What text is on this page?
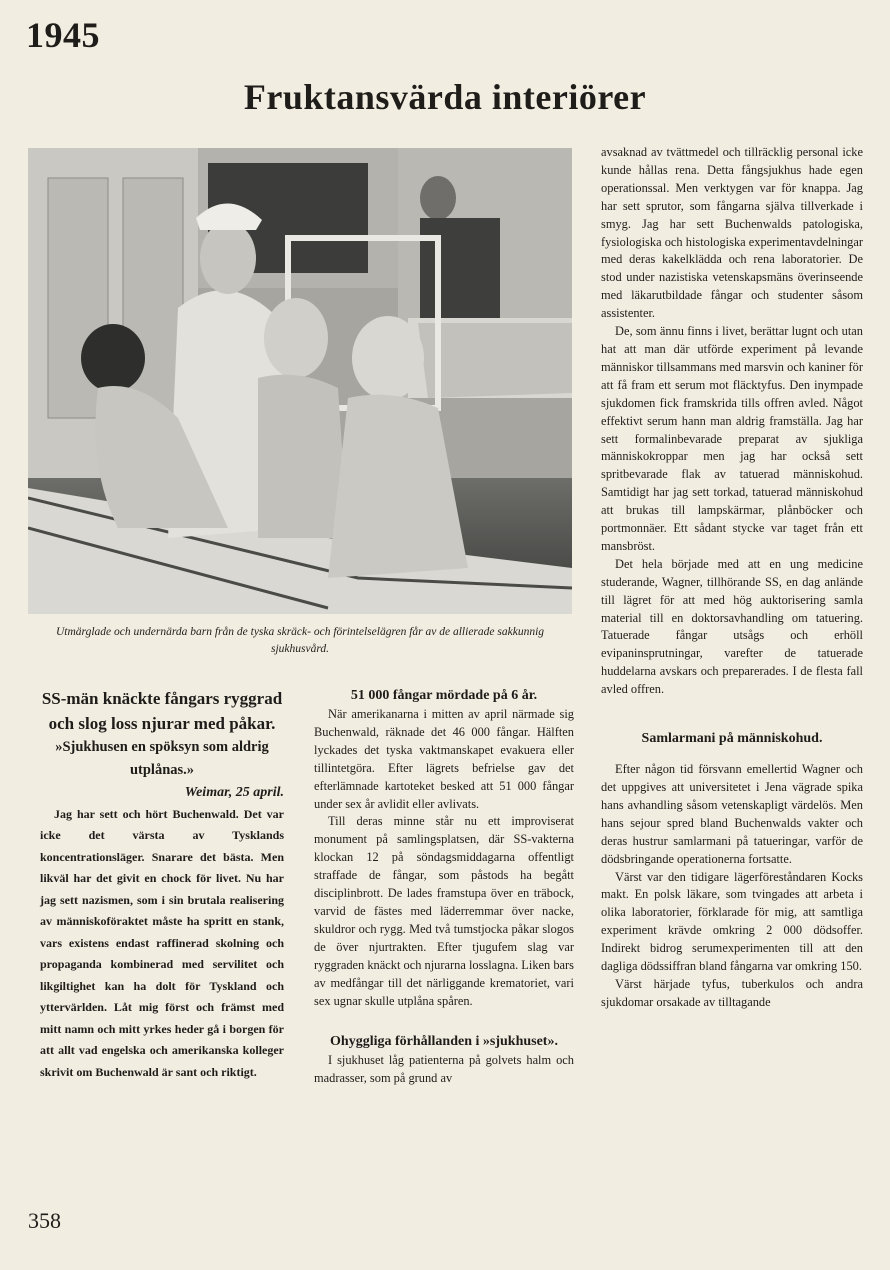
1945
Fruktansvärda interiörer
Utmärglade och undernärda barn från de tyska skräck- och förintelselägren får av de allierade sakkunnig sjukhusvård.

SS-män knäckte fångars ryggrad och slog loss njurar med påkar.

»Sjukhusen en spöksyn som aldrig utplånas.»

Weimar, 25 april.

Jag har sett och hört Buchenwald. Det var icke det värsta av Tysklands koncentrationsläger. Snarare det bästa. Men likväl har det givit en chock för livet. Nu har jag sett nazismen, som i sin brutala realisering av människoföraktet måste ha spritt en stank, vars existens endast raffinerad skolning och propaganda kombinerad med servilitet och likgiltighet kan ha dolt för Tyskland och yttervärlden. Låt mig först och främst med mitt namn och mitt yrkes heder gå i borgen för att allt vad engelska och amerikanska kolleger skrivit om Buchenwald är sant och riktigt.

51 000 fångar mördade på 6 år.

När amerikanarna i mitten av april närmade sig Buchenwald, räknade det 46 000 fångar. Hälften lyckades det tyska vaktmanskapet evakuera eller tillintetgöra. Efter lägrets befrielse gav det efterlämnade kartoteket besked att 51 000 fångar under sex år avlidit eller avlivats.

Till deras minne står nu ett improviserat monument på samlingsplatsen, där SS-vakterna klockan 12 på söndagsmiddagarna offentligt straffade de fångar, som påstods ha begått disciplinbrott. De lades framstupa över en träbock, varvid de fästes med läderremmar över nacke, skuldror och rygg. Med två tumstjocka påkar slogos de över njurtrakten. Efter tjugufem slag var ryggraden knäckt och njurarna losslagna. Liken bars av medfångar till det närliggande krematoriet, vari sex ugnar skulle utplåna spåren.

Ohyggliga förhållanden i »sjukhuset».

I sjukhuset låg patienterna på golvets halm och madrasser, som på grund av

avsaknad av tvättmedel och tillräcklig personal icke kunde hållas rena. Detta fångsjukhus hade egen operationssal. Men verktygen var för knappa. Jag har sett sprutor, som fångarna själva tillverkade i smyg. Jag har sett Buchenwalds patologiska, fysiologiska och histologiska experimentavdelningar med deras kakelklädda och rena laboratorier. De stod under nazistiska vetenskapsmäns överinseende med läkarutbildade fångar och studenter såsom assistenter.

De, som ännu finns i livet, berättar lugnt och utan hat att man där utförde experiment på levande människor tillsammans med marsvin och kaniner för att få fram ett serum mot fläcktyfus. Den inympade sjukdomen fick framskrida tills offren avled. Något effektivt serum hann man aldrig framställa. Jag har sett formalinbevarade preparat av sjukliga människokroppar men jag har också sett spritbevarade flak av tatuerad människohud. Samtidigt har jag sett torkad, tatuerad människohud att brukas till lampskärmar, plånböcker och portmonnäer. Ett sådant stycke var taget från ett mansbröst.

Det hela började med att en ung medicine studerande, Wagner, tillhörande SS, en dag anlände till lägret för att med hög auktorisering samla material till en doktorsavhandling om tatuering. Tatuerade fångar utsågs och erhöll evipaninsprutningar, varefter de tatuerade huddelarna avskars och preparerades. I de flesta fall avled offren.

Samlarmani på människohud.

Efter någon tid försvann emellertid Wagner och det uppgives att universitetet i Jena vägrade spika hans avhandling såsom vetenskapligt värdelös. Men hans sejour spred bland Buchenwalds vakter och deras hustrur samlarmani på tatueringar, varför de dödsbringande operationerna fortsatte.

Värst var den tidigare lägerföreståndaren Kocks makt. En polsk läkare, som tvingades att arbeta i olika laboratorier, förklarade för mig, att samtliga experiment krävde omkring 2 000 dödsoffer. Indirekt bidrog serumexperimenten till att den dagliga dödssiffran bland fångarna var omkring 150.

Värst härjade tyfus, tuberkulos och andra sjukdomar orsakade av tilltagande

358
